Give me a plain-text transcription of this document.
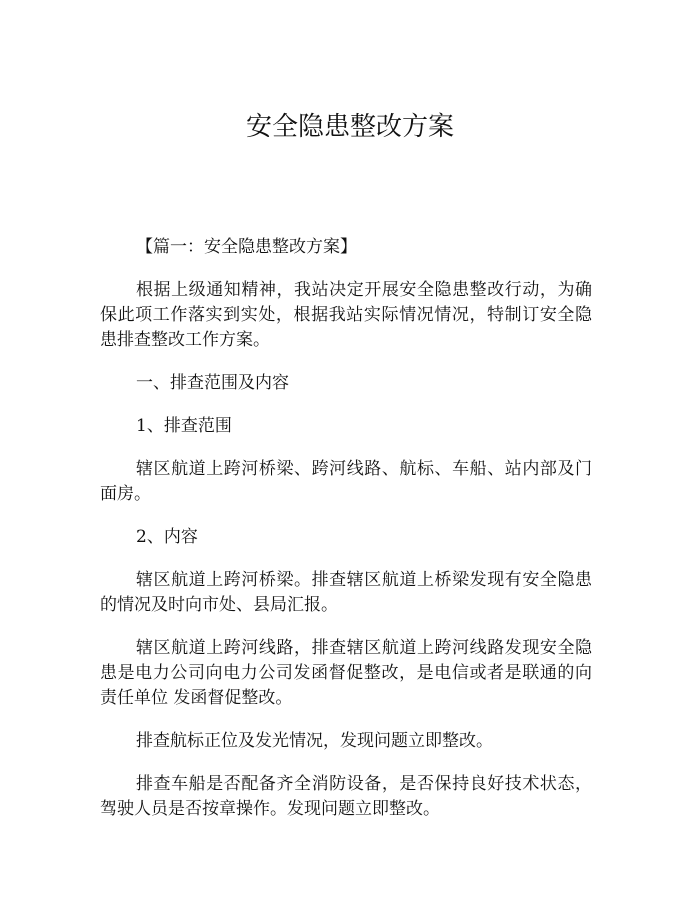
安全隐患整改方案

【篇一：安全隐患整改方案】

根据上级通知精神，我站决定开展安全隐患整改行动，为确保此项工作落实到实处，根据我站实际情况情况，特制订安全隐患排查整改工作方案。

一、排查范围及内容

1、排查范围

辖区航道上跨河桥梁、跨河线路、航标、车船、站内部及门面房。

2、内容

辖区航道上跨河桥梁。排查辖区航道上桥梁发现有安全隐患的情况及时向市处、县局汇报。

辖区航道上跨河线路，排查辖区航道上跨河线路发现安全隐患是电力公司向电力公司发函督促整改，是电信或者是联通的向责任单位 发函督促整改。

排查航标正位及发光情况，发现问题立即整改。

排查车船是否配备齐全消防设备，是否保持良好技术状态，驾驶人员是否按章操作。发现问题立即整改。
